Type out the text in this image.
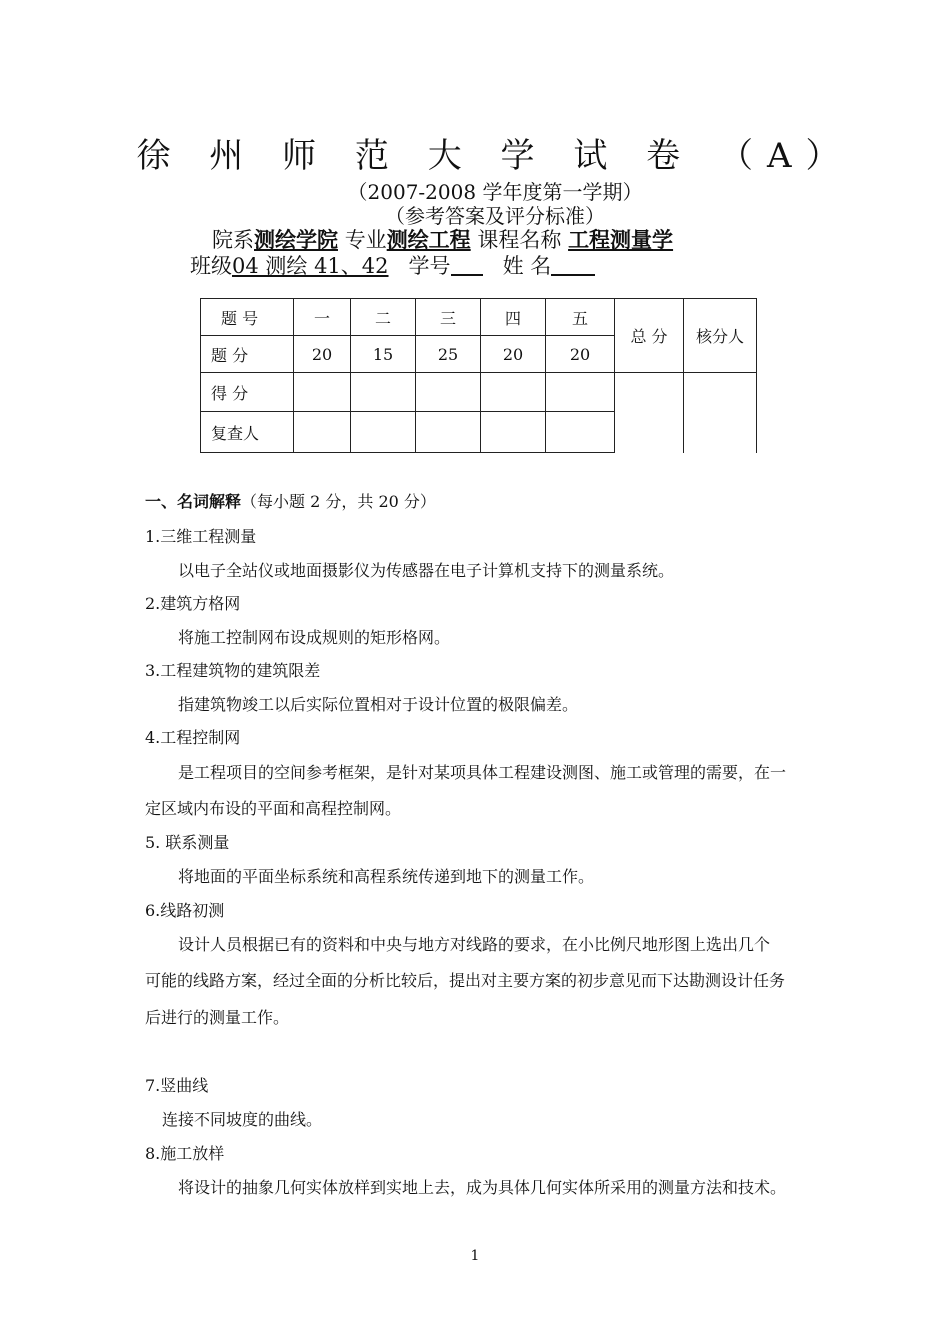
徐 州 师 范 大 学 试 卷 （A）
（2007-2008 学年度第一学期）
（参考答案及评分标准）
院系测绘学院 专业测绘工程 课程名称 工程测量学
班级04 测绘 41、42 学号 姓 名
题 号	一	二	三	四	五	总 分	核分人
题 分	20	15	25	20	20		
得 分							
复查人							
一、名词解释（每小题 2 分，共 20 分）
1.三维工程测量
以电子全站仪或地面摄影仪为传感器在电子计算机支持下的测量系统。
2.建筑方格网
将施工控制网布设成规则的矩形格网。
3.工程建筑物的建筑限差
指建筑物竣工以后实际位置相对于设计位置的极限偏差。
4.工程控制网
是工程项目的空间参考框架，是针对某项具体工程建设测图、施工或管理的需要，在一
定区域内布设的平面和高程控制网。
5. 联系测量
将地面的平面坐标系统和高程系统传递到地下的测量工作。
6.线路初测
设计人员根据已有的资料和中央与地方对线路的要求，在小比例尺地形图上选出几个
可能的线路方案，经过全面的分析比较后，提出对主要方案的初步意见而下达勘测设计任务
后进行的测量工作。
7.竖曲线
连接不同坡度的曲线。
8.施工放样
将设计的抽象几何实体放样到实地上去，成为具体几何实体所采用的测量方法和技术。
1
